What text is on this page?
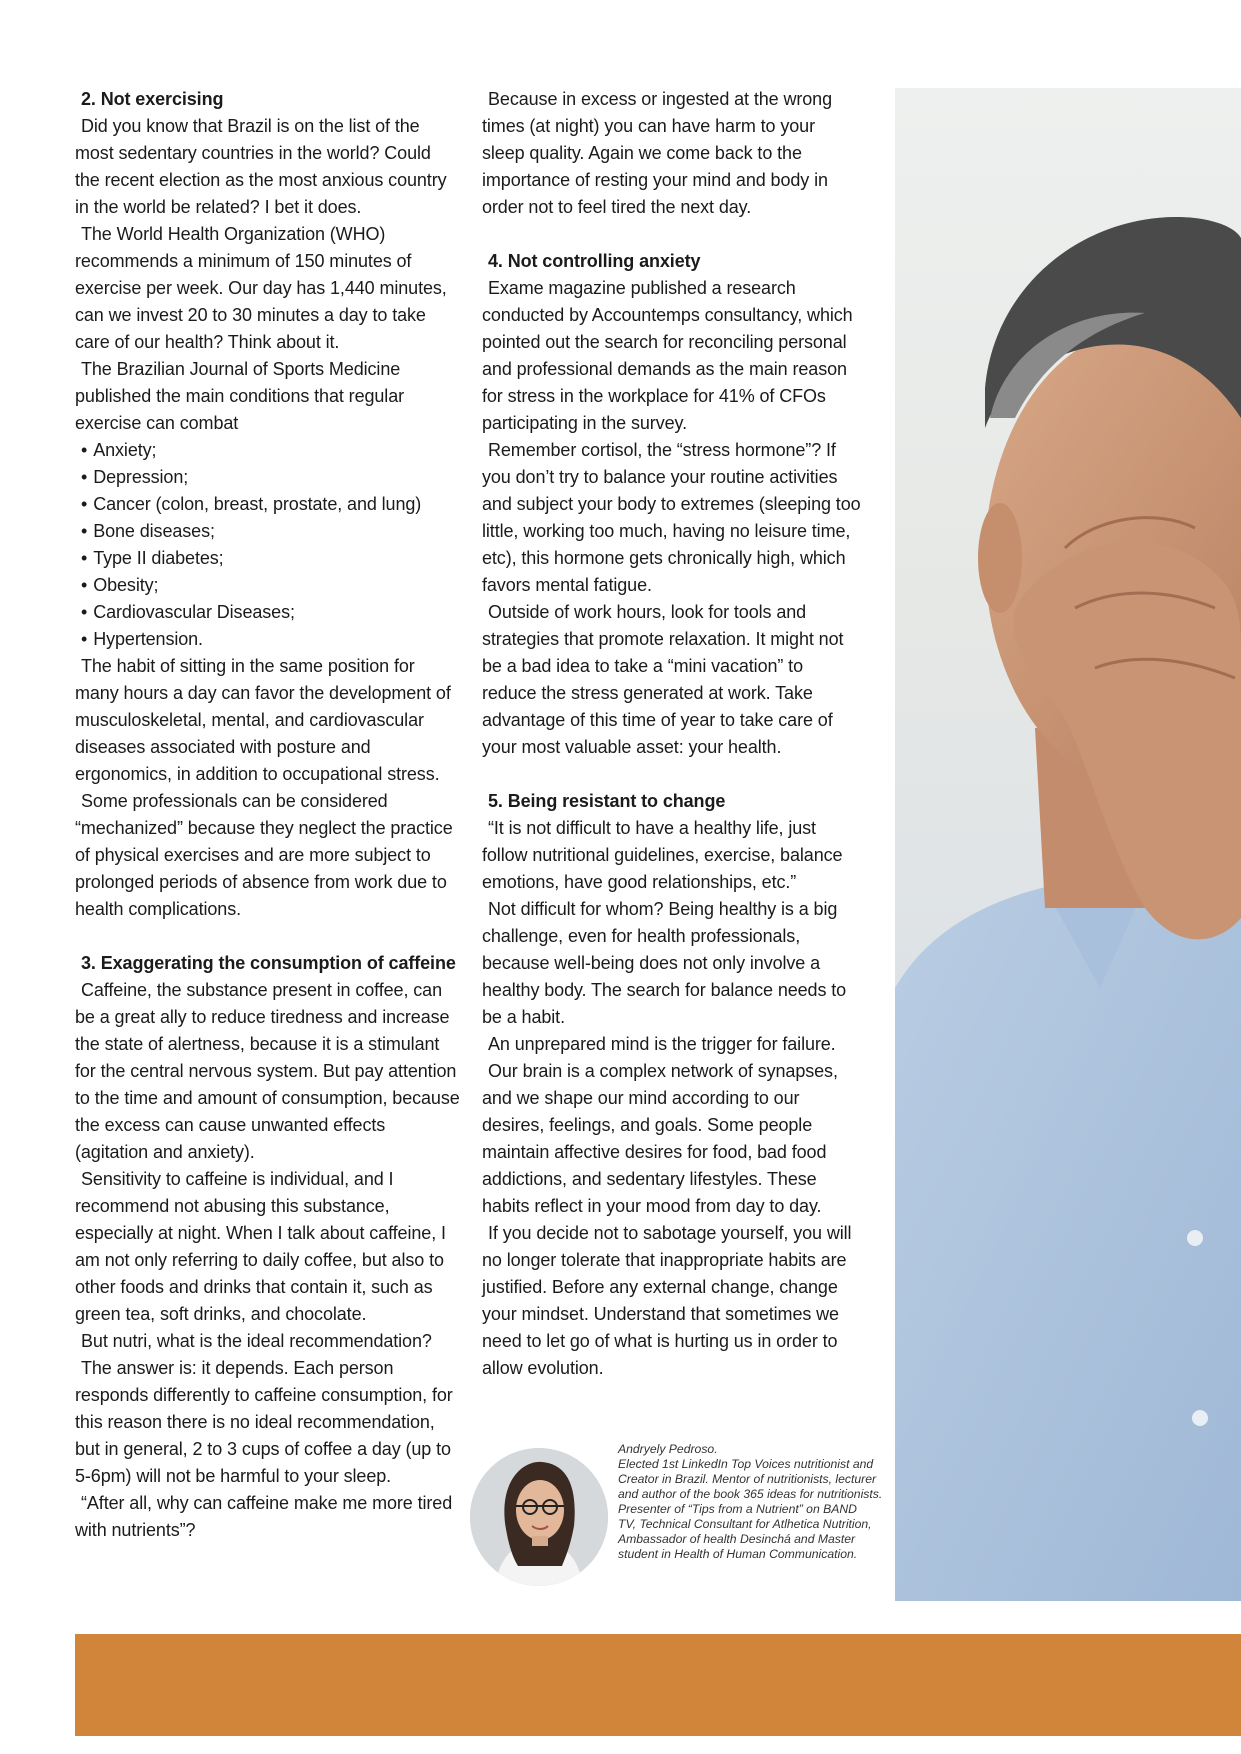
2. Not exercising

Did you know that Brazil is on the list of the most sedentary countries in the world? Could the recent election as the most anxious country in the world be related? I bet it does.

The World Health Organization (WHO) recommends a minimum of 150 minutes of exercise per week. Our day has 1,440 minutes, can we invest 20 to 30 minutes a day to take care of our health? Think about it.

The Brazilian Journal of Sports Medicine published the main conditions that regular exercise can combat

• Anxiety;
• Depression;
• Cancer (colon, breast, prostate, and lung)
• Bone diseases;
• Type II diabetes;
• Obesity;
• Cardiovascular Diseases;
• Hypertension.

The habit of sitting in the same position for many hours a day can favor the development of musculoskeletal, mental, and cardiovascular diseases associated with posture and ergonomics, in addition to occupational stress.

Some professionals can be considered “mechanized” because they neglect the practice of physical exercises and are more subject to prolonged periods of absence from work due to health complications.

3. Exaggerating the consumption of caffeine

Caffeine, the substance present in coffee, can be a great ally to reduce tiredness and increase the state of alertness, because it is a stimulant for the central nervous system. But pay attention to the time and amount of consumption, because the excess can cause unwanted effects (agitation and anxiety).

Sensitivity to caffeine is individual, and I recommend not abusing this substance, especially at night. When I talk about caffeine, I am not only referring to daily coffee, but also to other foods and drinks that contain it, such as green tea, soft drinks, and chocolate.

But nutri, what is the ideal recommendation?

The answer is: it depends. Each person responds differently to caffeine consumption, for this reason there is no ideal recommendation, but in general, 2 to 3 cups of coffee a day (up to 5-6pm) will not be harmful to your sleep.

“After all, why can caffeine make me more tired with nutrients”?

Because in excess or ingested at the wrong times (at night) you can have harm to your sleep quality. Again we come back to the importance of resting your mind and body in order not to feel tired the next day.

4. Not controlling anxiety

Exame magazine published a research conducted by Accountemps consultancy, which pointed out the search for reconciling personal and professional demands as the main reason for stress in the workplace for 41% of CFOs participating in the survey.

Remember cortisol, the “stress hormone”? If you don’t try to balance your routine activities and subject your body to extremes (sleeping too little, working too much, having no leisure time, etc), this hormone gets chronically high, which favors mental fatigue.

Outside of work hours, look for tools and strategies that promote relaxation. It might not be a bad idea to take a “mini vacation” to reduce the stress generated at work. Take advantage of this time of year to take care of your most valuable asset: your health.

5. Being resistant to change

“It is not difficult to have a healthy life, just follow nutritional guidelines, exercise, balance emotions, have good relationships, etc.”

Not difficult for whom? Being healthy is a big challenge, even for health professionals, because well-being does not only involve a healthy body. The search for balance needs to be a habit.

An unprepared mind is the trigger for failure.

Our brain is a complex network of synapses, and we shape our mind according to our desires, feelings, and goals. Some people maintain affective desires for food, bad food addictions, and sedentary lifestyles. These habits reflect in your mood from day to day.

If you decide not to sabotage yourself, you will no longer tolerate that inappropriate habits are justified. Before any external change, change your mindset. Understand that sometimes we need to let go of what is hurting us in order to allow evolution.

Andryely Pedroso.
Elected 1st LinkedIn Top Voices nutritionist and
Creator in Brazil. Mentor of nutritionists, lecturer
and author of the book 365 ideas for nutritionists.
Presenter of “Tips from a Nutrient” on BAND
TV, Technical Consultant for Atlhetica Nutrition,
Ambassador of health Desinchá and Master
student in Health of Human Communication.
